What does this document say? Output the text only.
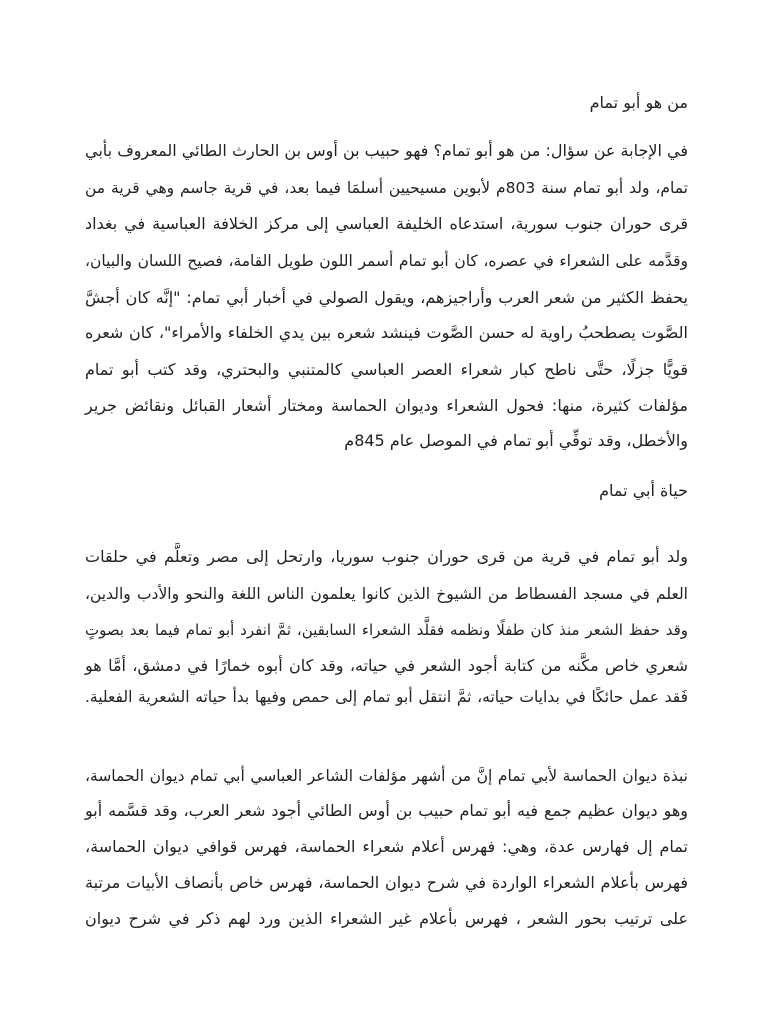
من هو أبو تمام
في الإجابة عن سؤال: من هو أبو تمام؟ فهو حبيب بن أوس بن الحارث الطائي المعروف بأبي
تمام، ولد أبو تمام سنة 803م لأبوين مسيحيين أسلمَا فيما بعد، في قرية جاسم وهي قرية من
قرى حوران جنوب سورية، استدعاه الخليفة العباسي إلى مركز الخلافة العباسية في بغداد
وقدَّمه على الشعراء في عصره، كان أبو تمام أسمر اللون طويل القامة، فصيح اللسان والبيان،
يحفظ الكثير من شعر العرب وأراجيزهم، ويقول الصولي في أخبار أبي تمام: "إنَّه كان أجشَّ
الصَّوت يصطحبُ راوية له حسن الصَّوت فينشد شعره بين يدي الخلفاء والأمراء"، كان شعره
قويًّا جزلًا، حتَّى ناطح كبار شعراء العصر العباسي كالمتنبي والبحتري، وقد كتب أبو تمام
مؤلفات كثيرة، منها: فحول الشعراء وديوان الحماسة ومختار أشعار القبائل ونقائض جرير
والأخطل، وقد توفِّي أبو تمام في الموصل عام 845م
حياة أبي تمام
ولد أبو تمام في قرية من قرى حوران جنوب سوريا، وارتحل إلى مصر وتعلَّم في حلقات
العلم في مسجد الفسطاط من الشيوخ الذين كانوا يعلمون الناس اللغة والنحو والأدب والدين،
وقد حفظ الشعر منذ كان طفلًا ونظمه فقلَّد الشعراء السابقين، ثمَّ انفرد أبو تمام فيما بعد بصوتٍ
شعري خاص مكَّنه من كتابة أجود الشعر في حياته، وقد كان أبوه خمارًا في دمشق، أمَّا هو
فَقد عمل حائكًا في بدايات حياته، ثمَّ انتقل أبو تمام إلى حمص وفيها بدأ حياته الشعرية الفعلية.
نبذة ديوان الحماسة لأبي تمام إنَّ من أشهر مؤلفات الشاعر العباسي أبي تمام ديوان الحماسة،
وهو ديوان عظيم جمع فيه أبو تمام حبيب بن أوس الطائي أجود شعر العرب، وقد قسَّمه أبو
تمام إل فهارس عدة، وهي: فهرس أعلام شعراء الحماسة، فهرس قوافي ديوان الحماسة،
فهرس بأعلام الشعراء الواردة في شرح ديوان الحماسة، فهرس خاص بأنصاف الأبيات مرتبة
على ترتيب بحور الشعر ، فهرس بأعلام غير الشعراء الذين ورد لهم ذكر في شرح ديوان
